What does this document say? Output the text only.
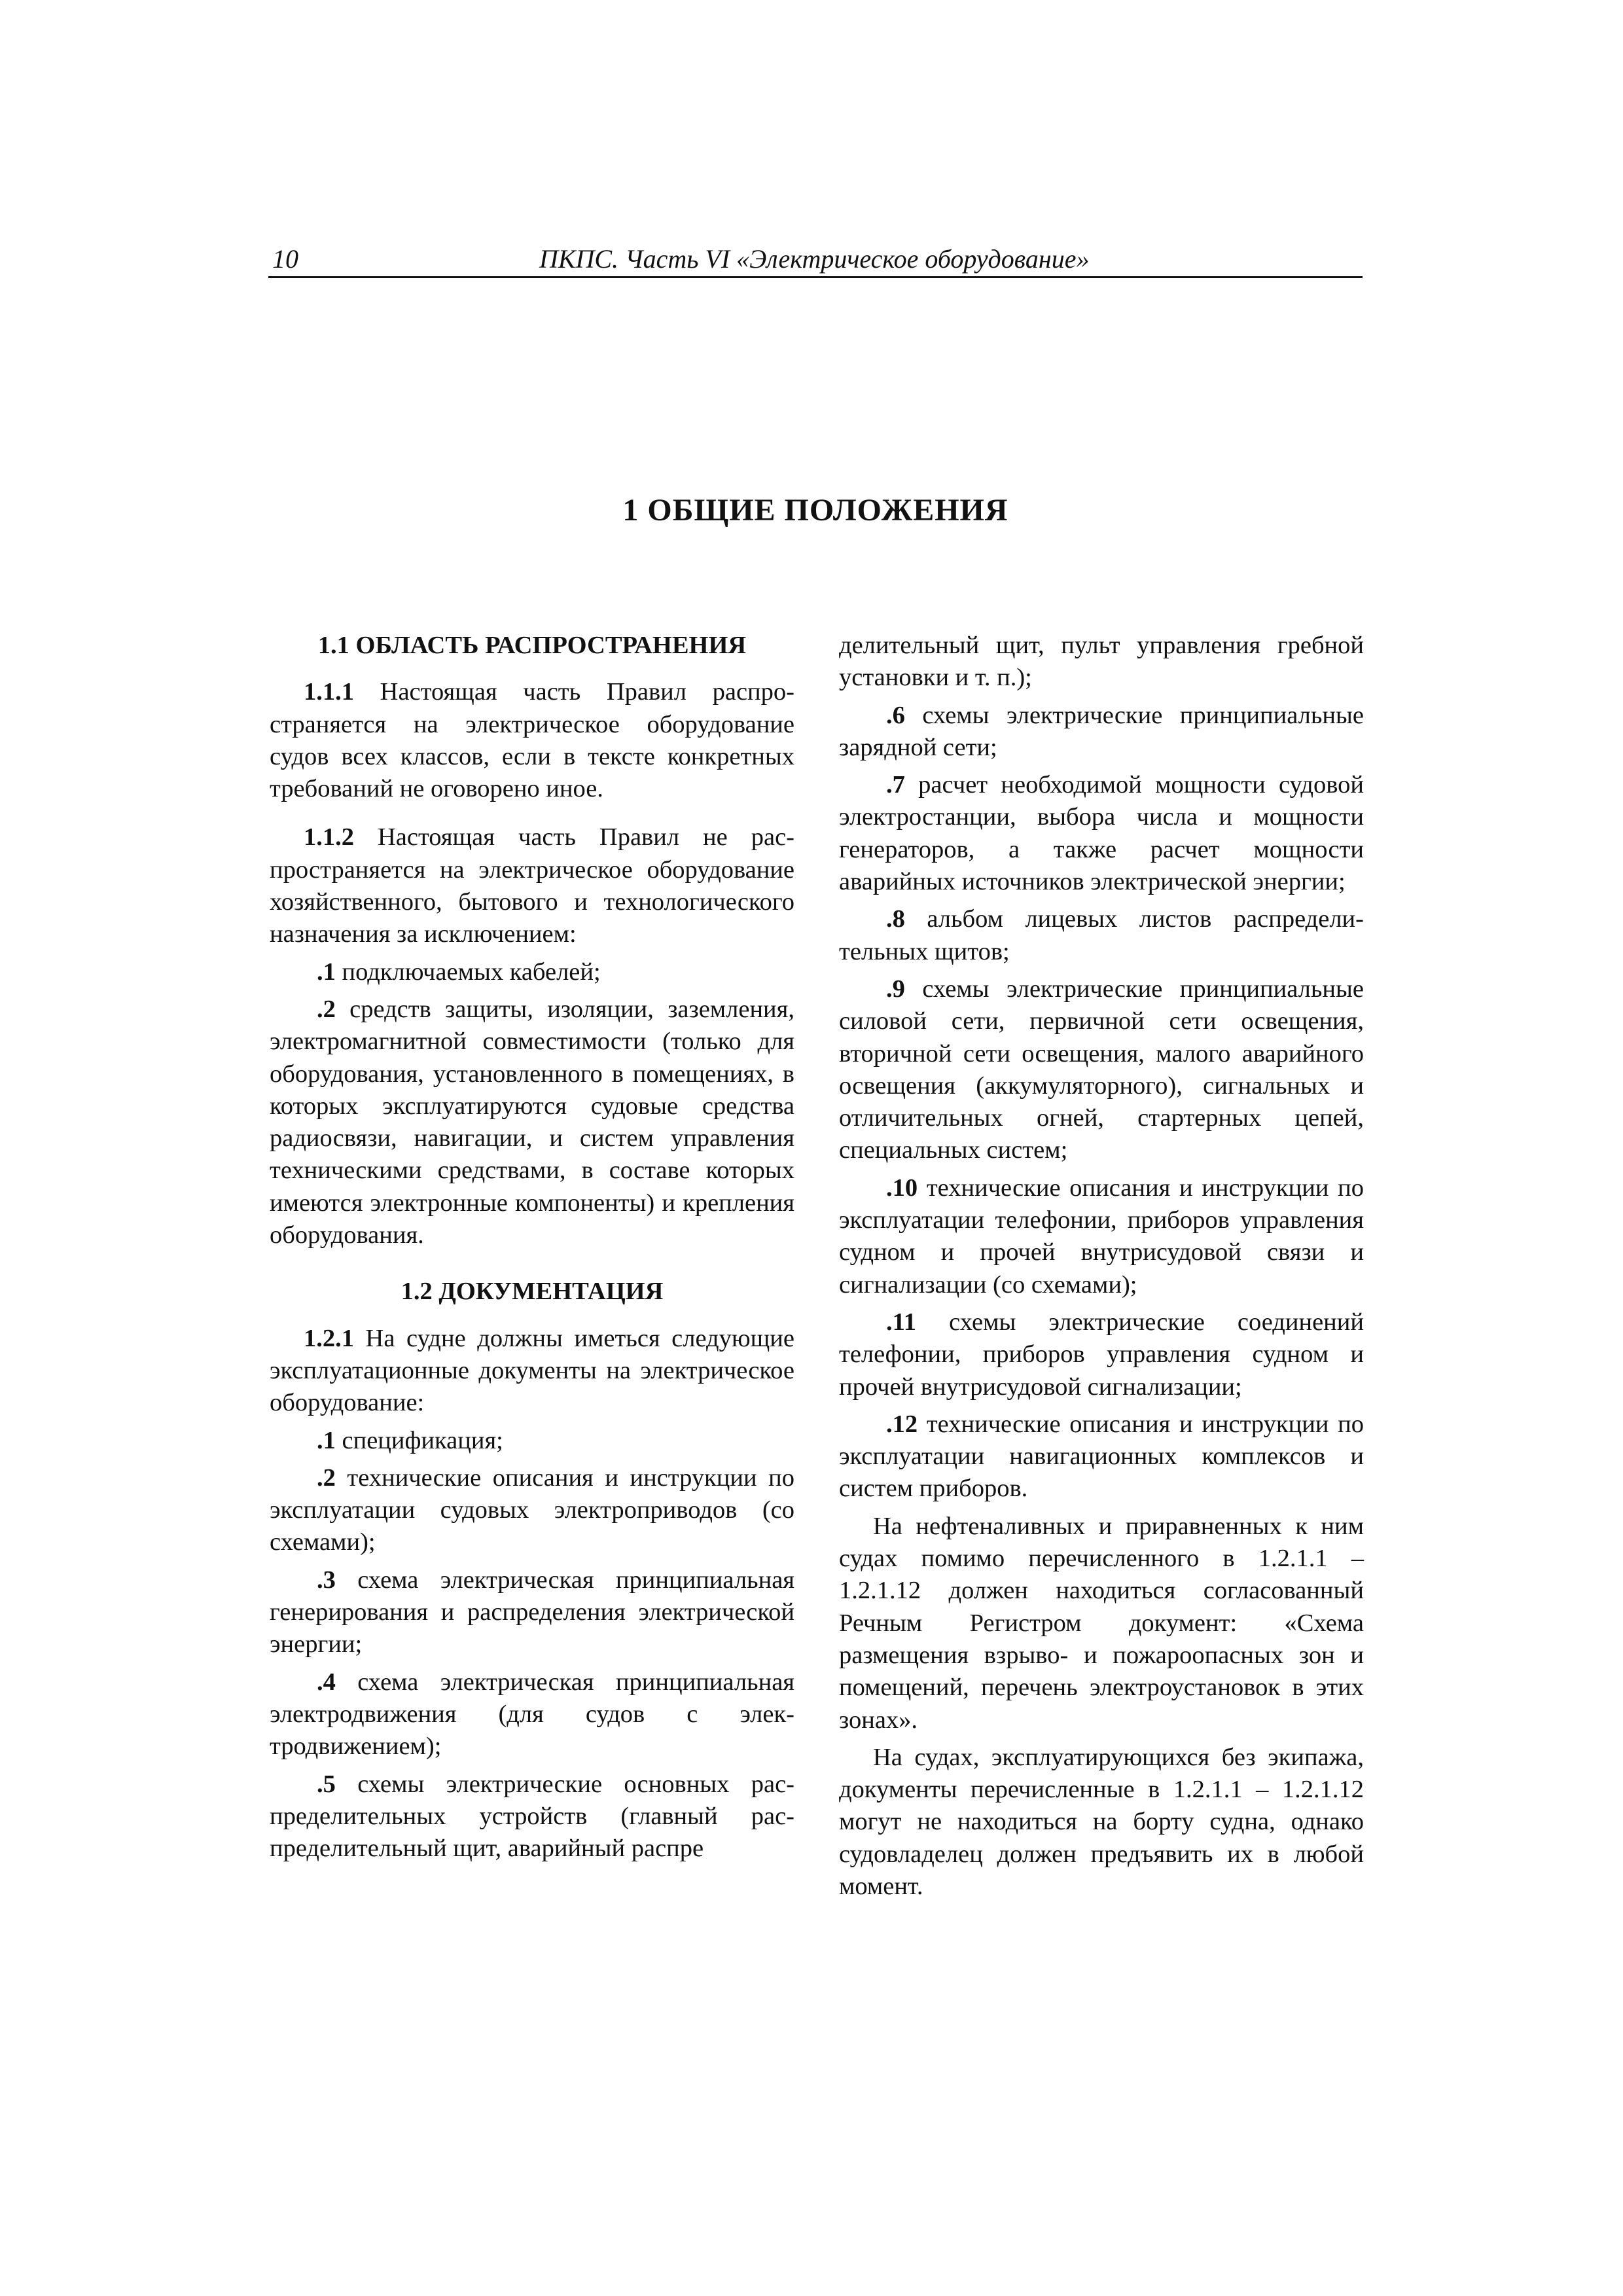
10	ПКПС. Часть VI «Электрическое оборудование»
1 ОБЩИЕ ПОЛОЖЕНИЯ
1.1 ОБЛАСТЬ РАСПРОСТРАНЕНИЯ

1.1.1 Настоящая часть Правил распространяется на электрическое оборудование судов всех классов, если в тексте конкретных требований не оговорено иное.

1.1.2 Настоящая часть Правил не распространяется на электрическое оборудование хозяйственного, бытового и технологического назначения за исключением:

.1 подключаемых кабелей;

.2 средств защиты, изоляции, заземления, электромагнитной совместимости (только для оборудования, установленного в помещениях, в которых эксплуатируются судовые средства радиосвязи, навигации, и систем управления техническими средствами, в составе которых имеются электронные компоненты) и крепления оборудования.

1.2 ДОКУМЕНТАЦИЯ

1.2.1 На судне должны иметься следующие эксплуатационные документы на электрическое оборудование:

.1 спецификация;

.2 технические описания и инструкции по эксплуатации судовых электроприводов (со схемами);

.3 схема электрическая принципиальная генерирования и распределения электрической энергии;

.4 схема электрическая принципиальная электродвижения (для судов с электродвижением);

.5 схемы электрические основных распределительных устройств (главный распределительный щит, аварийный распре

делительный щит, пульт управления гребной установки и т. п.);

.6 схемы электрические принципиальные зарядной сети;

.7 расчет необходимой мощности судовой электростанции, выбора числа и мощности генераторов, а также расчет мощности аварийных источников электрической энергии;

.8 альбом лицевых листов распределительных щитов;

.9 схемы электрические принципиальные силовой сети, первичной сети освещения, вторичной сети освещения, малого аварийного освещения (аккумуляторного), сигнальных и отличительных огней, стартерных цепей, специальных систем;

.10 технические описания и инструкции по эксплуатации телефонии, приборов управления судном и прочей внутрисудовой связи и сигнализации (со схемами);

.11 схемы электрические соединений телефонии, приборов управления судном и прочей внутрисудовой сигнализации;

.12 технические описания и инструкции по эксплуатации навигационных комплексов и систем приборов.

На нефтеналивных и приравненных к ним судах помимо перечисленного в 1.2.1.1 – 1.2.1.12 должен находиться согласованный Речным Регистром документ: «Схема размещения взрыво- и пожароопасных зон и помещений, перечень электроустановок в этих зонах».

На судах, эксплуатирующихся без экипажа, документы перечисленные в 1.2.1.1 – 1.2.1.12 могут не находиться на борту судна, однако судовладелец должен предъявить их в любой момент.
